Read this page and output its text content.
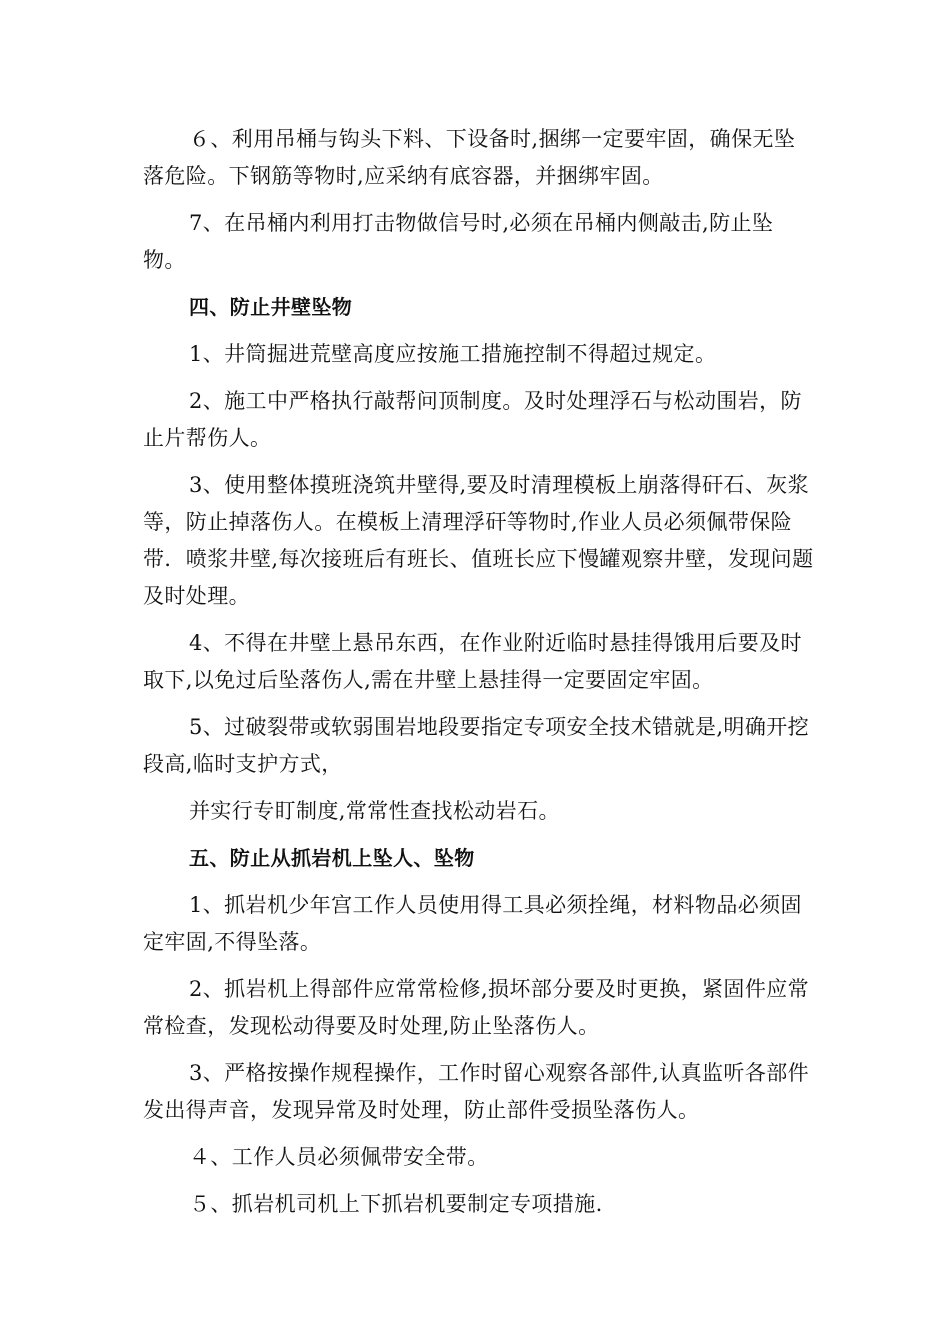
６、利用吊桶与钩头下料、下设备时,捆绑一定要牢固，确保无坠落危险。下钢筋等物时,应采纳有底容器，并捆绑牢固。

7、在吊桶内利用打击物做信号时,必须在吊桶内侧敲击,防止坠物。

四、防止井壁坠物

1、井筒掘进荒壁高度应按施工措施控制不得超过规定。

2、施工中严格执行敲帮问顶制度。及时处理浮石与松动围岩，防止片帮伤人。

3、使用整体摸班浇筑井壁得,要及时清理模板上崩落得矸石、灰浆等，防止掉落伤人。在模板上清理浮矸等物时,作业人员必须佩带保险带．喷浆井壁,每次接班后有班长、值班长应下慢罐观察井壁，发现问题及时处理。

4、不得在井壁上悬吊东西，在作业附近临时悬挂得饿用后要及时取下,以免过后坠落伤人,需在井壁上悬挂得一定要固定牢固。

5、过破裂带或软弱围岩地段要指定专项安全技术错就是,明确开挖段高,临时支护方式，

并实行专盯制度,常常性查找松动岩石。

五、防止从抓岩机上坠人、坠物

1、抓岩机少年宫工作人员使用得工具必须拴绳，材料物品必须固定牢固,不得坠落。

2、抓岩机上得部件应常常检修,损坏部分要及时更换，紧固件应常常检查，发现松动得要及时处理,防止坠落伤人。

3、严格按操作规程操作，工作时留心观察各部件,认真监听各部件发出得声音，发现异常及时处理，防止部件受损坠落伤人。

４、工作人员必须佩带安全带。

５、抓岩机司机上下抓岩机要制定专项措施.
